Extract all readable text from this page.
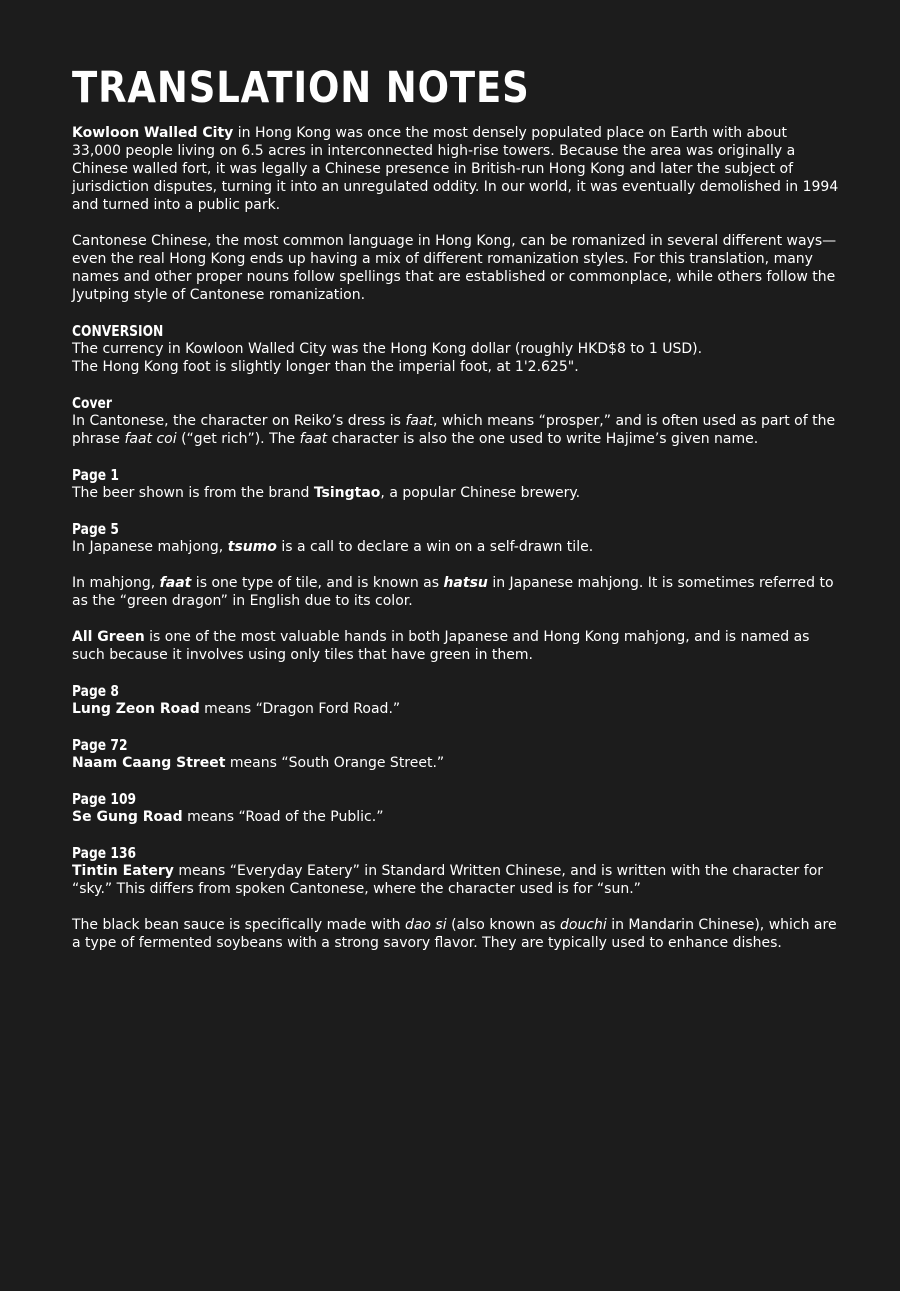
TRANSLATION NOTES

Kowloon Walled City in Hong Kong was once the most densely populated place on Earth with about 33,000 people living on 6.5 acres in interconnected high-rise towers. Because the area was originally a Chinese walled fort, it was legally a Chinese presence in British-run Hong Kong and later the subject of jurisdiction disputes, turning it into an unregulated oddity. In our world, it was eventually demolished in 1994 and turned into a public park.

Cantonese Chinese, the most common language in Hong Kong, can be romanized in several different ways—even the real Hong Kong ends up having a mix of different romanization styles. For this translation, many names and other proper nouns follow spellings that are established or commonplace, while others follow the Jyutping style of Cantonese romanization.

CONVERSION

The currency in Kowloon Walled City was the Hong Kong dollar (roughly HKD$8 to 1 USD).
The Hong Kong foot is slightly longer than the imperial foot, at 1'2.625".

Cover

In Cantonese, the character on Reiko’s dress is faat, which means “prosper,” and is often used as part of the phrase faat coi (“get rich”). The faat character is also the one used to write Hajime’s given name.

Page 1

The beer shown is from the brand Tsingtao, a popular Chinese brewery.

Page 5

In Japanese mahjong, tsumo is a call to declare a win on a self-drawn tile.

In mahjong, faat is one type of tile, and is known as hatsu in Japanese mahjong. It is sometimes referred to as the “green dragon” in English due to its color.

All Green is one of the most valuable hands in both Japanese and Hong Kong mahjong, and is named as such because it involves using only tiles that have green in them.

Page 8

Lung Zeon Road means “Dragon Ford Road.”

Page 72

Naam Caang Street means “South Orange Street.”

Page 109

Se Gung Road means “Road of the Public.”

Page 136

Tintin Eatery means “Everyday Eatery” in Standard Written Chinese, and is written with the character for “sky.” This differs from spoken Cantonese, where the character used is for “sun.”

The black bean sauce is specifically made with dao si (also known as douchi in Mandarin Chinese), which are a type of fermented soybeans with a strong savory flavor. They are typically used to enhance dishes.
